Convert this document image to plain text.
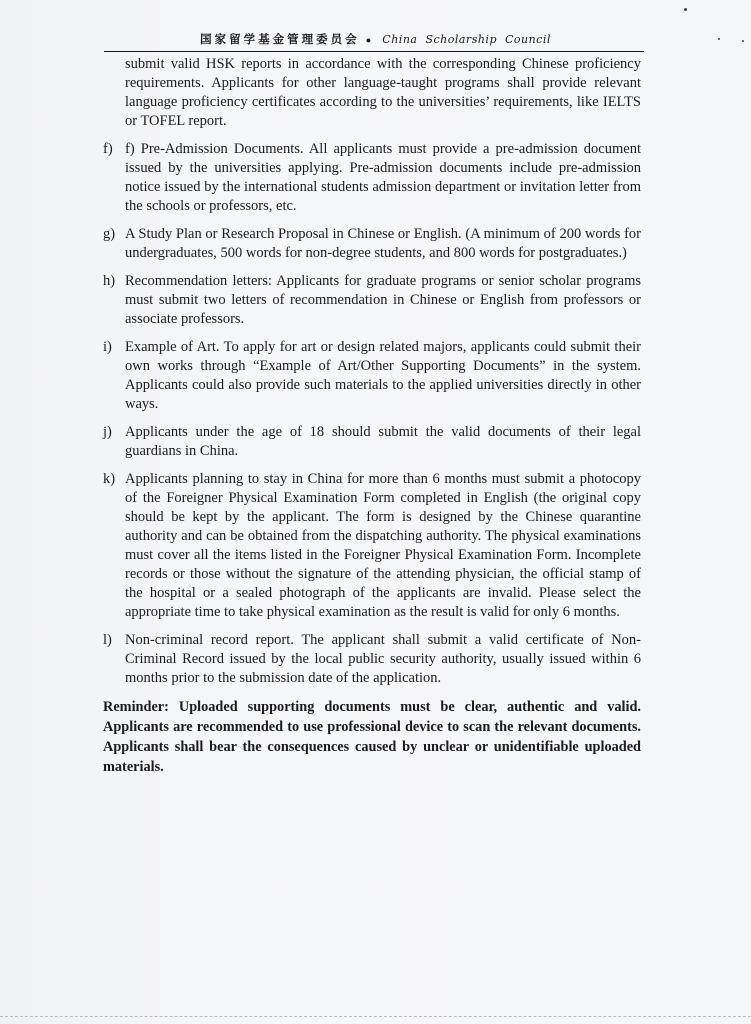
国家留学基金管理委员会 ● China Scholarship Council

submit valid HSK reports in accordance with the corresponding Chinese proficiency requirements. Applicants for other language-taught programs shall provide relevant language proficiency certificates according to the universities’ requirements, like IELTS or TOFEL report.

f) f) Pre-Admission Documents. All applicants must provide a pre-admission document issued by the universities applying. Pre-admission documents include pre-admission notice issued by the international students admission department or invitation letter from the schools or professors, etc.
g) A Study Plan or Research Proposal in Chinese or English. (A minimum of 200 words for undergraduates, 500 words for non-degree students, and 800 words for postgraduates.)
h) Recommendation letters: Applicants for graduate programs or senior scholar programs must submit two letters of recommendation in Chinese or English from professors or associate professors.
i) Example of Art. To apply for art or design related majors, applicants could submit their own works through “Example of Art/Other Supporting Documents” in the system. Applicants could also provide such materials to the applied universities directly in other ways.
j) Applicants under the age of 18 should submit the valid documents of their legal guardians in China.
k) Applicants planning to stay in China for more than 6 months must submit a photocopy of the Foreigner Physical Examination Form completed in English (the original copy should be kept by the applicant. The form is designed by the Chinese quarantine authority and can be obtained from the dispatching authority. The physical examinations must cover all the items listed in the Foreigner Physical Examination Form. Incomplete records or those without the signature of the attending physician, the official stamp of the hospital or a sealed photograph of the applicants are invalid. Please select the appropriate time to take physical examination as the result is valid for only 6 months.
l) Non-criminal record report. The applicant shall submit a valid certificate of Non-Criminal Record issued by the local public security authority, usually issued within 6 months prior to the submission date of the application.

Reminder: Uploaded supporting documents must be clear, authentic and valid. Applicants are recommended to use professional device to scan the relevant documents. Applicants shall bear the consequences caused by unclear or unidentifiable uploaded materials.
